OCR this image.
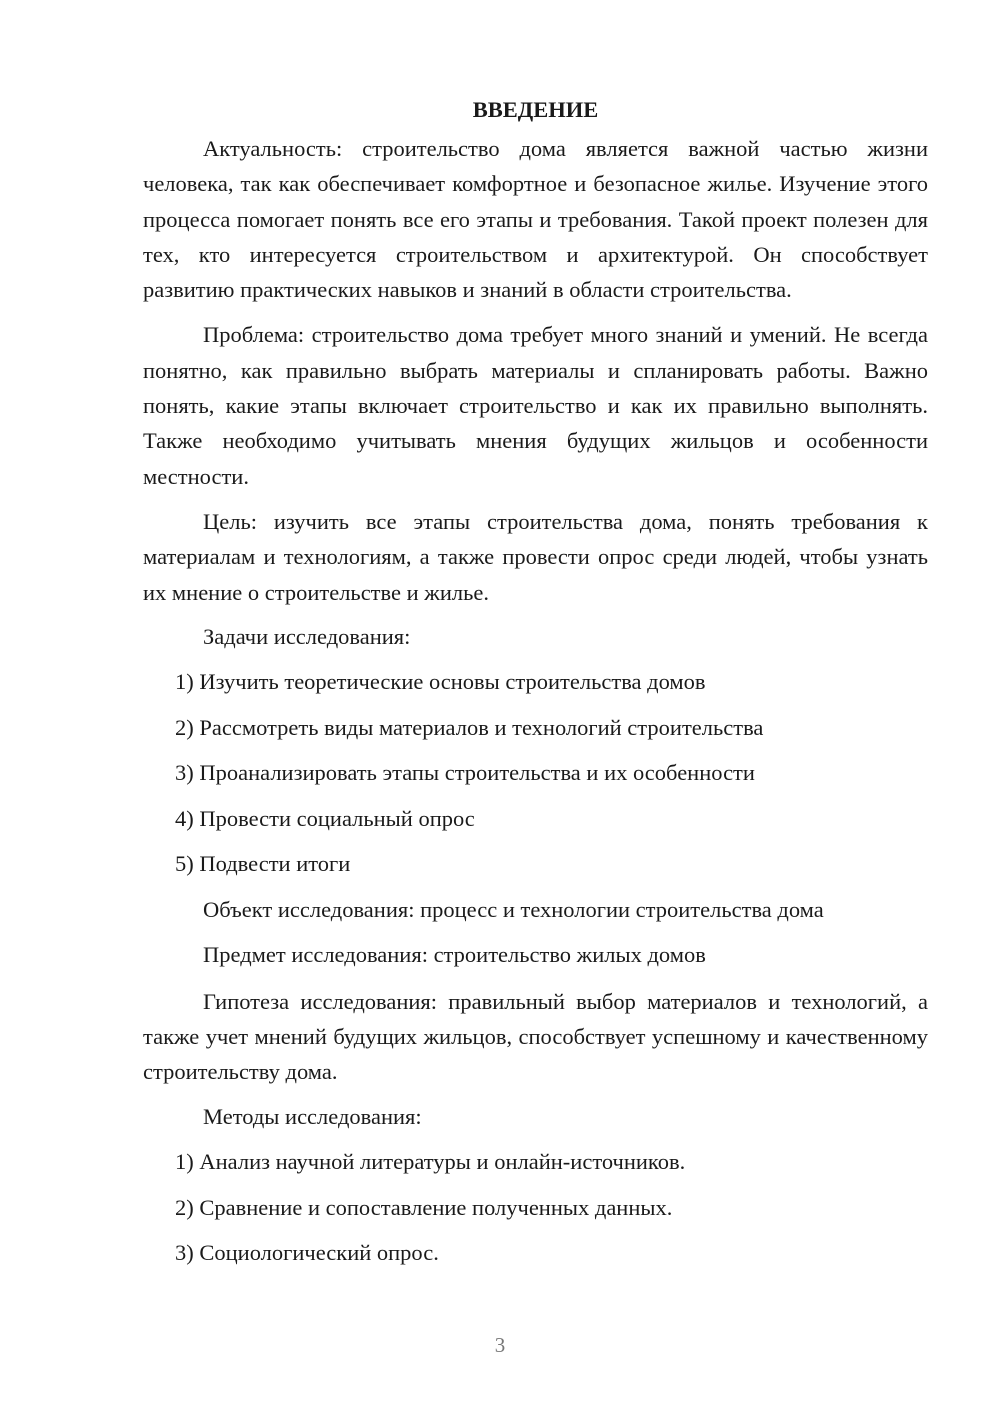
ВВЕДЕНИЕ

Актуальность: строительство дома является важной частью жизни человека, так как обеспечивает комфортное и безопасное жилье. Изучение этого процесса помогает понять все его этапы и требования. Такой проект полезен для тех, кто интересуется строительством и архитектурой. Он способствует развитию практических навыков и знаний в области строительства.

Проблема: строительство дома требует много знаний и умений. Не всегда понятно, как правильно выбрать материалы и спланировать работы. Важно понять, какие этапы включает строительство и как их правильно выполнять. Также необходимо учитывать мнения будущих жильцов и особенности местности.

Цель: изучить все этапы строительства дома, понять требования к материалам и технологиям, а также провести опрос среди людей, чтобы узнать их мнение о строительстве и жилье.

Задачи исследования:

1) Изучить теоретические основы строительства домов

2) Рассмотреть виды материалов и технологий строительства

3) Проанализировать этапы строительства и их особенности

4) Провести социальный опрос

5) Подвести итоги

Объект исследования: процесс и технологии строительства дома

Предмет исследования: строительство жилых домов

Гипотеза исследования: правильный выбор материалов и технологий, а также учет мнений будущих жильцов, способствует успешному и качественному строительству дома.

Методы исследования:

1) Анализ научной литературы и онлайн-источников.

2) Сравнение и сопоставление полученных данных.

3) Социологический опрос.

3
